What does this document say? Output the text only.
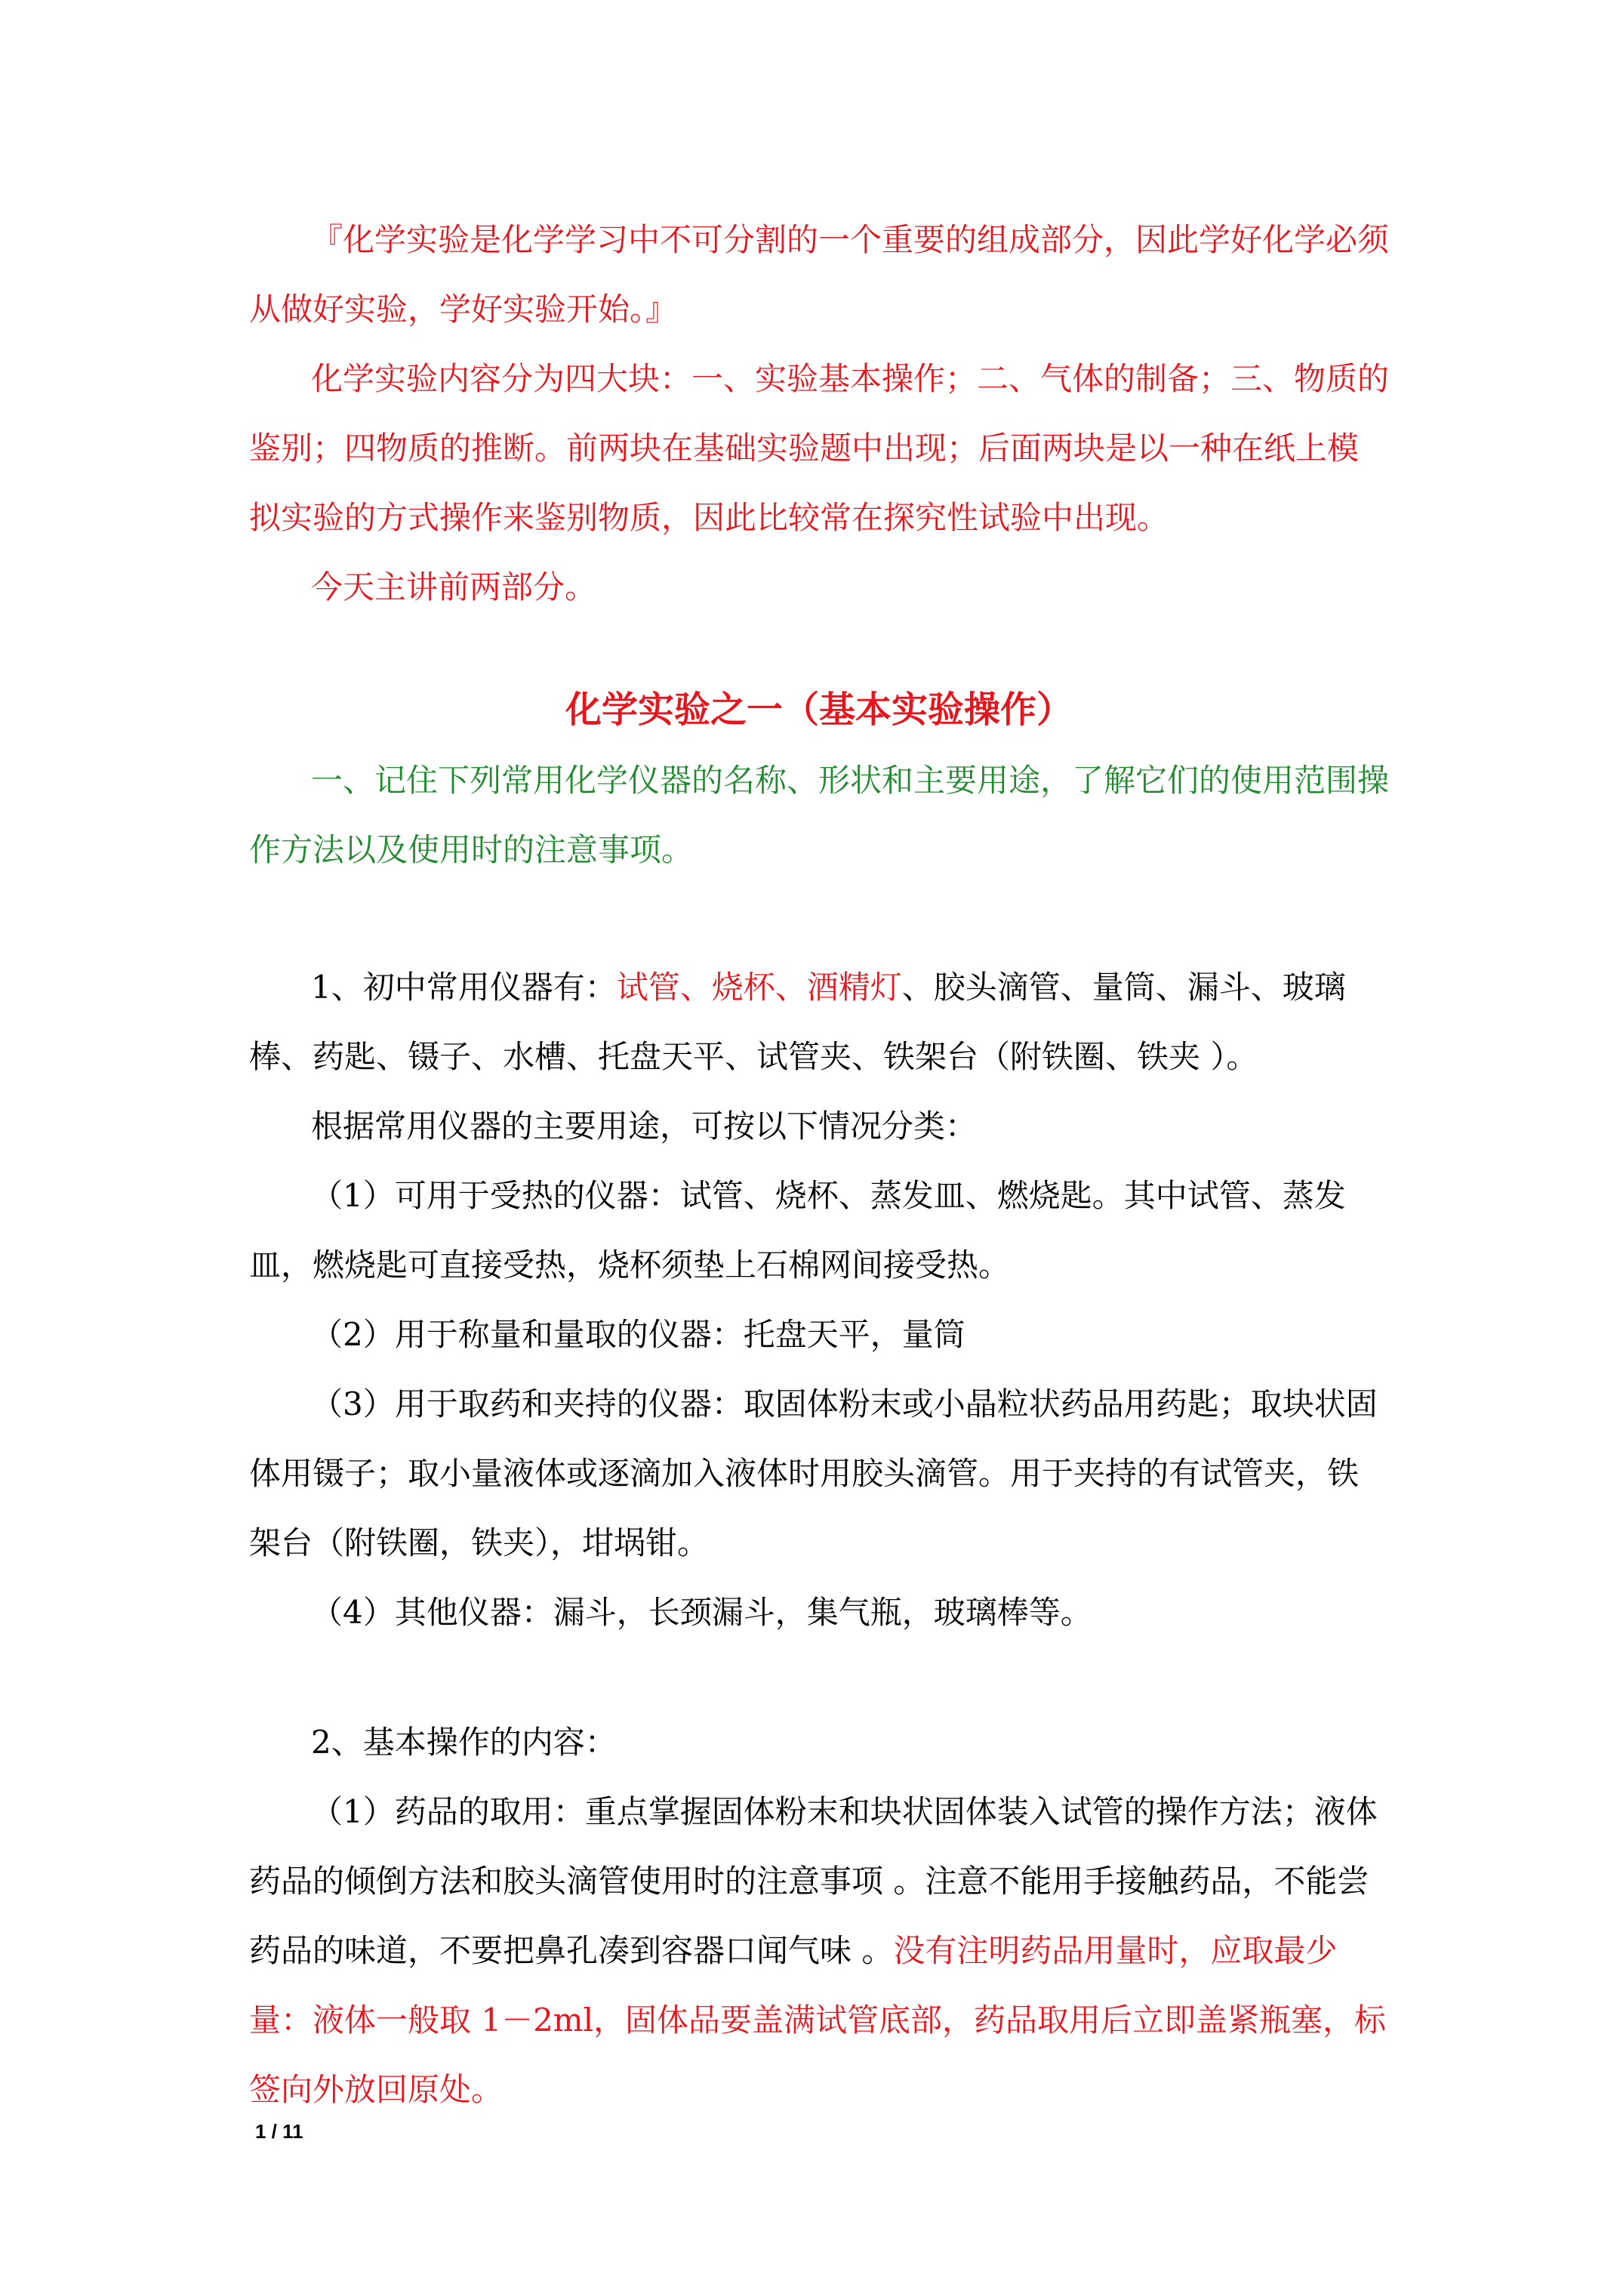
『化学实验是化学学习中不可分割的一个重要的组成部分，因此学好化学必须从做好实验，学好实验开始。』

化学实验内容分为四大块：一、实验基本操作；二、气体的制备；三、物质的鉴别；四物质的推断。前两块在基础实验题中出现；后面两块是以一种在纸上模拟实验的方式操作来鉴别物质，因此比较常在探究性试验中出现。

今天主讲前两部分。

化学实验之一（基本实验操作）

一、记住下列常用化学仪器的名称、形状和主要用途，了解它们的使用范围操作方法以及使用时的注意事项。

1、初中常用仪器有：试管、烧杯、酒精灯、胶头滴管、量筒、漏斗、玻璃棒、药匙、镊子、水槽、托盘天平、试管夹、铁架台（附铁圈、铁夹 ）。

根据常用仪器的主要用途，可按以下情况分类：

（1）可用于受热的仪器：试管、烧杯、蒸发皿、燃烧匙。其中试管、蒸发皿，燃烧匙可直接受热，烧杯须垫上石棉网间接受热。

（2）用于称量和量取的仪器：托盘天平，量筒

（3）用于取药和夹持的仪器：取固体粉末或小晶粒状药品用药匙；取块状固体用镊子；取小量液体或逐滴加入液体时用胶头滴管。用于夹持的有试管夹，铁架台（附铁圈，铁夹），坩埚钳。

（4）其他仪器：漏斗，长颈漏斗，集气瓶，玻璃棒等。

2、基本操作的内容：

（1）药品的取用：重点掌握固体粉末和块状固体装入试管的操作方法；液体药品的倾倒方法和胶头滴管使用时的注意事项 。注意不能用手接触药品，不能尝药品的味道，不要把鼻孔凑到容器口闻气味 。没有注明药品用量时，应取最少量：液体一般取 1－2ml，固体品要盖满试管底部，药品取用后立即盖紧瓶塞，标签向外放回原处。

1 / 11
